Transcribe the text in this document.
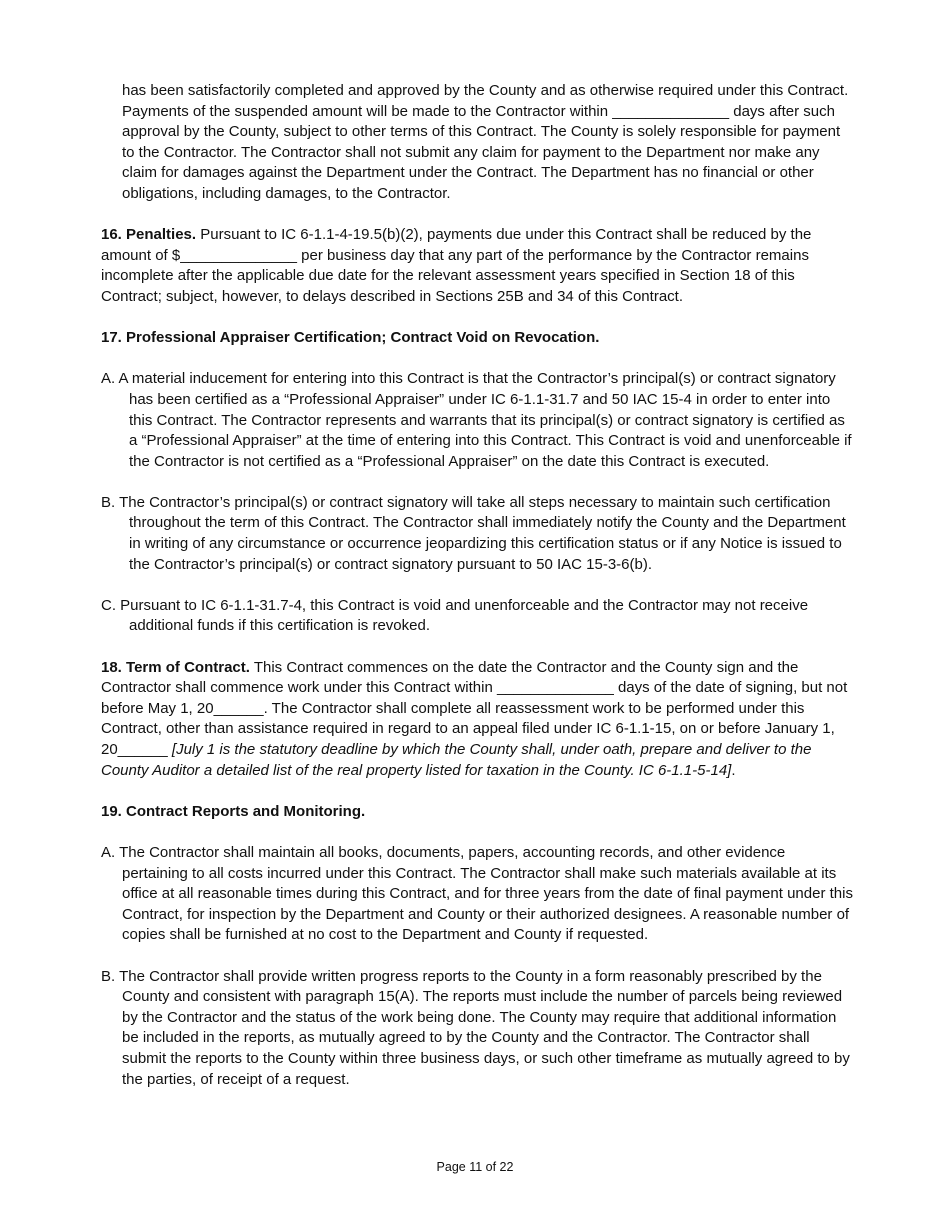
has been satisfactorily completed and approved by the County and as otherwise required under this Contract. Payments of the suspended amount will be made to the Contractor within ______________ days after such approval by the County, subject to other terms of this Contract. The County is solely responsible for payment to the Contractor. The Contractor shall not submit any claim for payment to the Department nor make any claim for damages against the Department under the Contract. The Department has no financial or other obligations, including damages, to the Contractor.

16. Penalties. Pursuant to IC 6-1.1-4-19.5(b)(2), payments due under this Contract shall be reduced by the amount of $______________ per business day that any part of the performance by the Contractor remains incomplete after the applicable due date for the relevant assessment years specified in Section 18 of this Contract; subject, however, to delays described in Sections 25B and 34 of this Contract.

17. Professional Appraiser Certification; Contract Void on Revocation.

A. A material inducement for entering into this Contract is that the Contractor’s principal(s) or contract signatory has been certified as a “Professional Appraiser” under IC 6-1.1-31.7 and 50 IAC 15-4 in order to enter into this Contract. The Contractor represents and warrants that its principal(s) or contract signatory is certified as a “Professional Appraiser” at the time of entering into this Contract. This Contract is void and unenforceable if the Contractor is not certified as a “Professional Appraiser” on the date this Contract is executed.

B. The Contractor’s principal(s) or contract signatory will take all steps necessary to maintain such certification throughout the term of this Contract. The Contractor shall immediately notify the County and the Department in writing of any circumstance or occurrence jeopardizing this certification status or if any Notice is issued to the Contractor’s principal(s) or contract signatory pursuant to 50 IAC 15-3-6(b).

C. Pursuant to IC 6-1.1-31.7-4, this Contract is void and unenforceable and the Contractor may not receive additional funds if this certification is revoked.

18. Term of Contract. This Contract commences on the date the Contractor and the County sign and the Contractor shall commence work under this Contract within ______________ days of the date of signing, but not before May 1, 20______. The Contractor shall complete all reassessment work to be performed under this Contract, other than assistance required in regard to an appeal filed under IC 6-1.1-15, on or before January 1, 20______ [July 1 is the statutory deadline by which the County shall, under oath, prepare and deliver to the County Auditor a detailed list of the real property listed for taxation in the County. IC 6-1.1-5-14].

19. Contract Reports and Monitoring.

A. The Contractor shall maintain all books, documents, papers, accounting records, and other evidence pertaining to all costs incurred under this Contract. The Contractor shall make such materials available at its office at all reasonable times during this Contract, and for three years from the date of final payment under this Contract, for inspection by the Department and County or their authorized designees. A reasonable number of copies shall be furnished at no cost to the Department and County if requested.

B. The Contractor shall provide written progress reports to the County in a form reasonably prescribed by the County and consistent with paragraph 15(A). The reports must include the number of parcels being reviewed by the Contractor and the status of the work being done. The County may require that additional information be included in the reports, as mutually agreed to by the County and the Contractor. The Contractor shall submit the reports to the County within three business days, or such other timeframe as mutually agreed to by the parties, of receipt of a request.

Page 11 of 22
